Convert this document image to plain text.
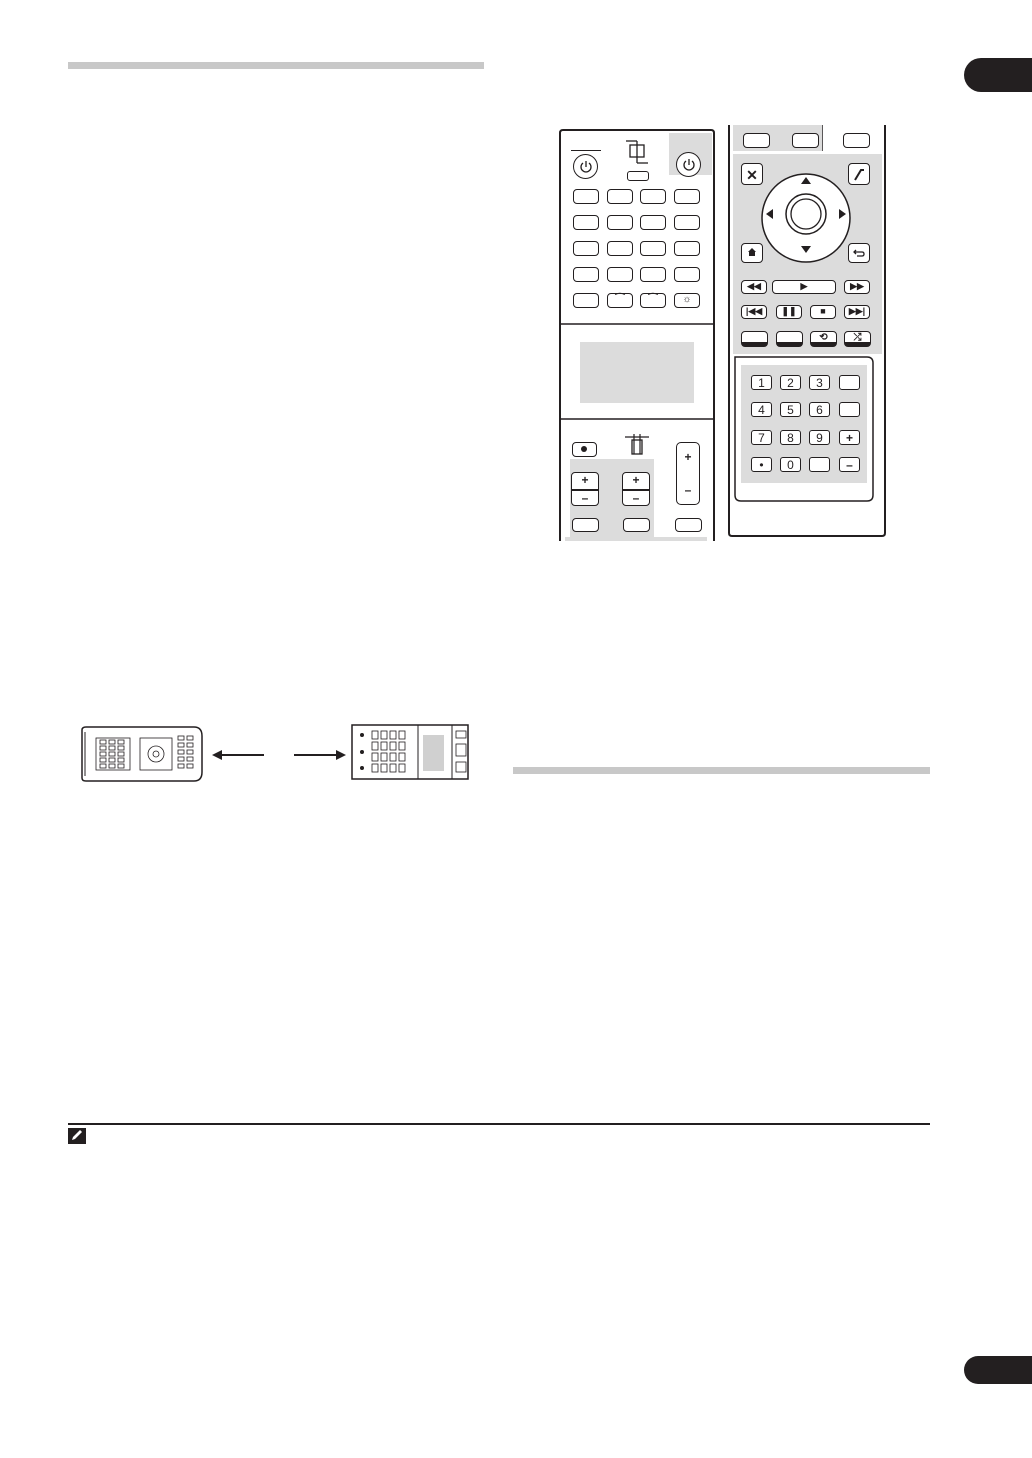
⌒	⌒	☼
+
–
+
–
+
–
✕
◀◀	▶	▶▶
|◀◀	❚❚	■	▶▶|
⟲	⤮
1	2	3
4	5	6
7	8	9	+
•	0	–
